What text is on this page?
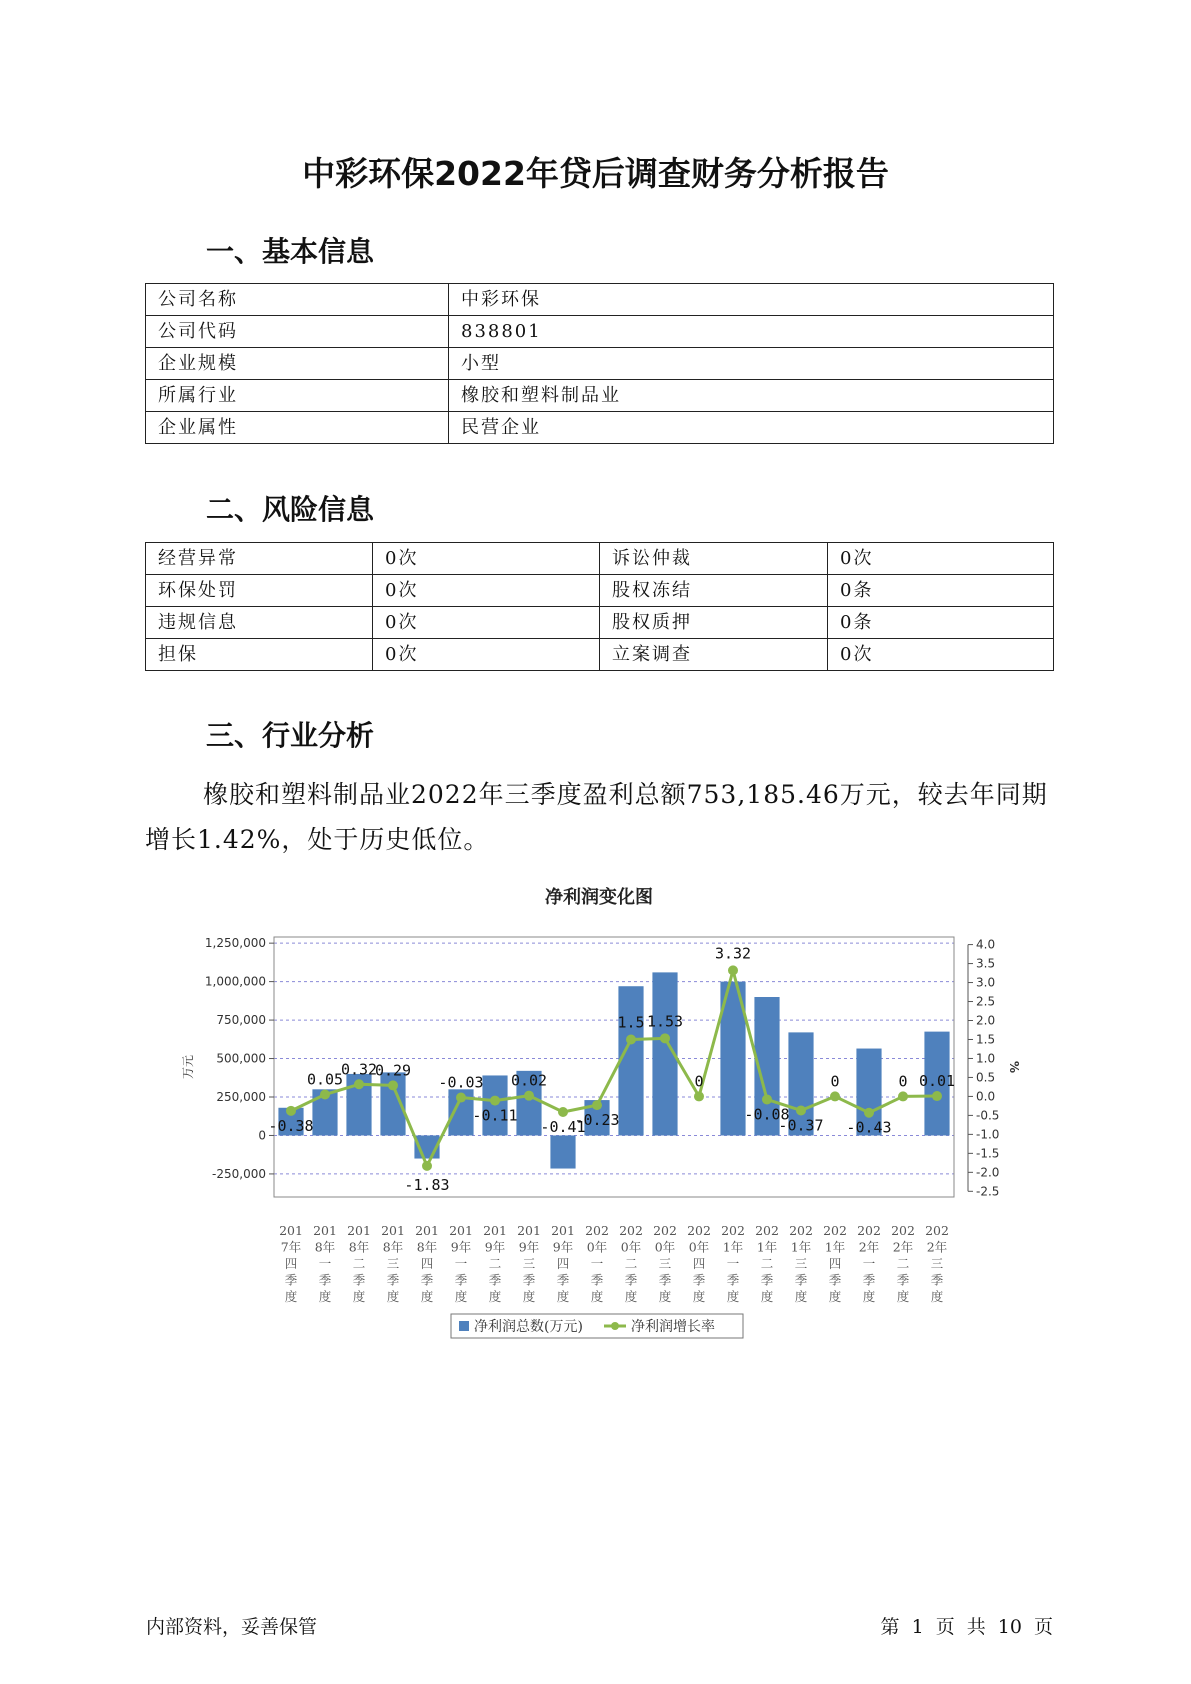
中彩环保2022年贷后调查财务分析报告
一、基本信息
公司名称	中彩环保
公司代码	838801
企业规模	小型
所属行业	橡胶和塑料制品业
企业属性	民营企业
二、风险信息
经营异常	0次	诉讼仲裁	0次
环保处罚	0次	股权冻结	0条
违规信息	0次	股权质押	0条
担保	0次	立案调查	0次
三、行业分析
橡胶和塑料制品业2022年三季度盈利总额753,185.46万元，较去年同期增长1.42%，处于历史低位。
净利润变化图
-0.38
0.05
0.32
0.29
-1.83
-0.03
-0.11
0.02
-0.41
-0.23
1.5 1.53
0
3.32
-0.08
-0.37
0
-0.43
0 0.01
-250,000
0
250,000
500,000
750,000
1,000,000
1,250,000
-2.5
-2.0
-1.5
-1.0
-0.5
0.0
0.5
1.0
1.5
2.0
2.5
3.0
3.5
4.0
万元	%
201
7年
四
季
度
201
8年
一
季
度
201
8年
二
季
度
201
8年
三
季
度
201
8年
四
季
度
201
9年
一
季
度
201
9年
二
季
度
201
9年
三
季
度
201
9年
四
季
度
202
0年
一
季
度
202
0年
二
季
度
202
0年
三
季
度
202
0年
四
季
度
202
1年
一
季
度
202
1年
二
季
度
202
1年
三
季
度
202
1年
四
季
度
202
2年
一
季
度
202
2年
二
季
度
202
2年
三
季
度
净利润总数(万元)	净利润增长率
内部资料，妥善保管	第 1 页 共 10 页
